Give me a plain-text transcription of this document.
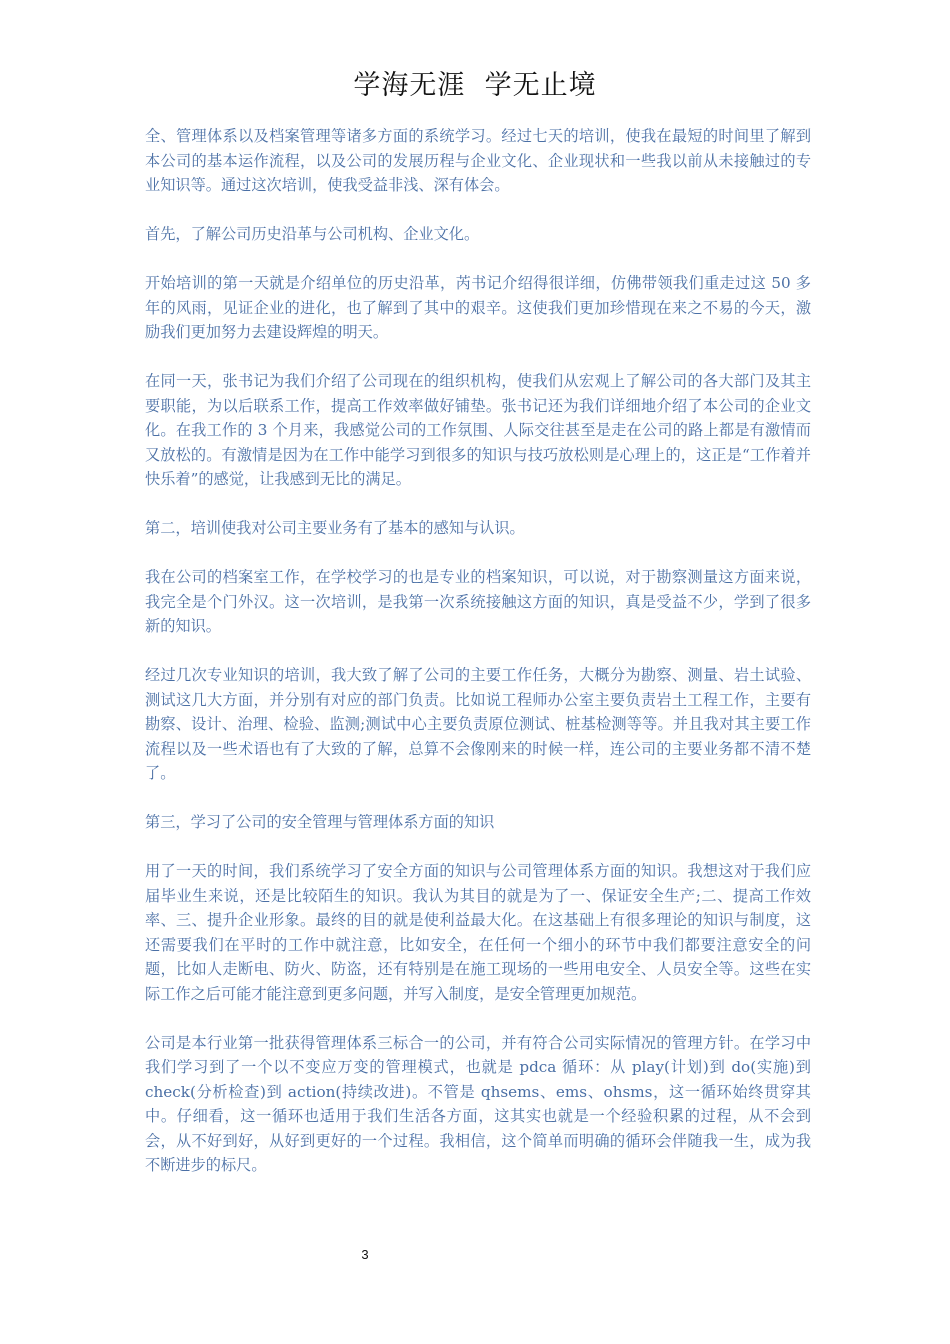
学海无涯  学无止境

全、管理体系以及档案管理等诸多方面的系统学习。经过七天的培训，使我在最短的时间里了解到本公司的基本运作流程，以及公司的发展历程与企业文化、企业现状和一些我以前从未接触过的专业知识等。通过这次培训，使我受益非浅、深有体会。

首先，了解公司历史沿革与公司机构、企业文化。

开始培训的第一天就是介绍单位的历史沿革，芮书记介绍得很详细，仿佛带领我们重走过这 50 多年的风雨，见证企业的进化，也了解到了其中的艰辛。这使我们更加珍惜现在来之不易的今天，激励我们更加努力去建设辉煌的明天。

在同一天，张书记为我们介绍了公司现在的组织机构，使我们从宏观上了解公司的各大部门及其主要职能，为以后联系工作，提高工作效率做好铺垫。张书记还为我们详细地介绍了本公司的企业文化。在我工作的 3 个月来，我感觉公司的工作氛围、人际交往甚至是走在公司的路上都是有激情而又放松的。有激情是因为在工作中能学习到很多的知识与技巧放松则是心理上的，这正是“工作着并快乐着”的感觉，让我感到无比的满足。

第二，培训使我对公司主要业务有了基本的感知与认识。

我在公司的档案室工作，在学校学习的也是专业的档案知识，可以说，对于勘察测量这方面来说，我完全是个门外汉。这一次培训，是我第一次系统接触这方面的知识，真是受益不少，学到了很多新的知识。

经过几次专业知识的培训，我大致了解了公司的主要工作任务，大概分为勘察、测量、岩土试验、测试这几大方面，并分别有对应的部门负责。比如说工程师办公室主要负责岩土工程工作，主要有勘察、设计、治理、检验、监测;测试中心主要负责原位测试、桩基检测等等。并且我对其主要工作流程以及一些术语也有了大致的了解，总算不会像刚来的时候一样，连公司的主要业务都不清不楚了。

第三，学习了公司的安全管理与管理体系方面的知识

用了一天的时间，我们系统学习了安全方面的知识与公司管理体系方面的知识。我想这对于我们应届毕业生来说，还是比较陌生的知识。我认为其目的就是为了一、保证安全生产;二、提高工作效率、三、提升企业形象。最终的目的就是使利益最大化。在这基础上有很多理论的知识与制度，这还需要我们在平时的工作中就注意，比如安全，在任何一个细小的环节中我们都要注意安全的问题，比如人走断电、防火、防盗，还有特别是在施工现场的一些用电安全、人员安全等。这些在实际工作之后可能才能注意到更多问题，并写入制度，是安全管理更加规范。

公司是本行业第一批获得管理体系三标合一的公司，并有符合公司实际情况的管理方针。在学习中我们学习到了一个以不变应万变的管理模式，也就是 pdca 循环：从 play(计划)到 do(实施)到 check(分析检查)到 action(持续改进)。不管是 qhsems、ems、ohsms，这一循环始终贯穿其中。仔细看，这一循环也适用于我们生活各方面，这其实也就是一个经验积累的过程，从不会到会，从不好到好，从好到更好的一个过程。我相信，这个简单而明确的循环会伴随我一生，成为我不断进步的标尺。

3
